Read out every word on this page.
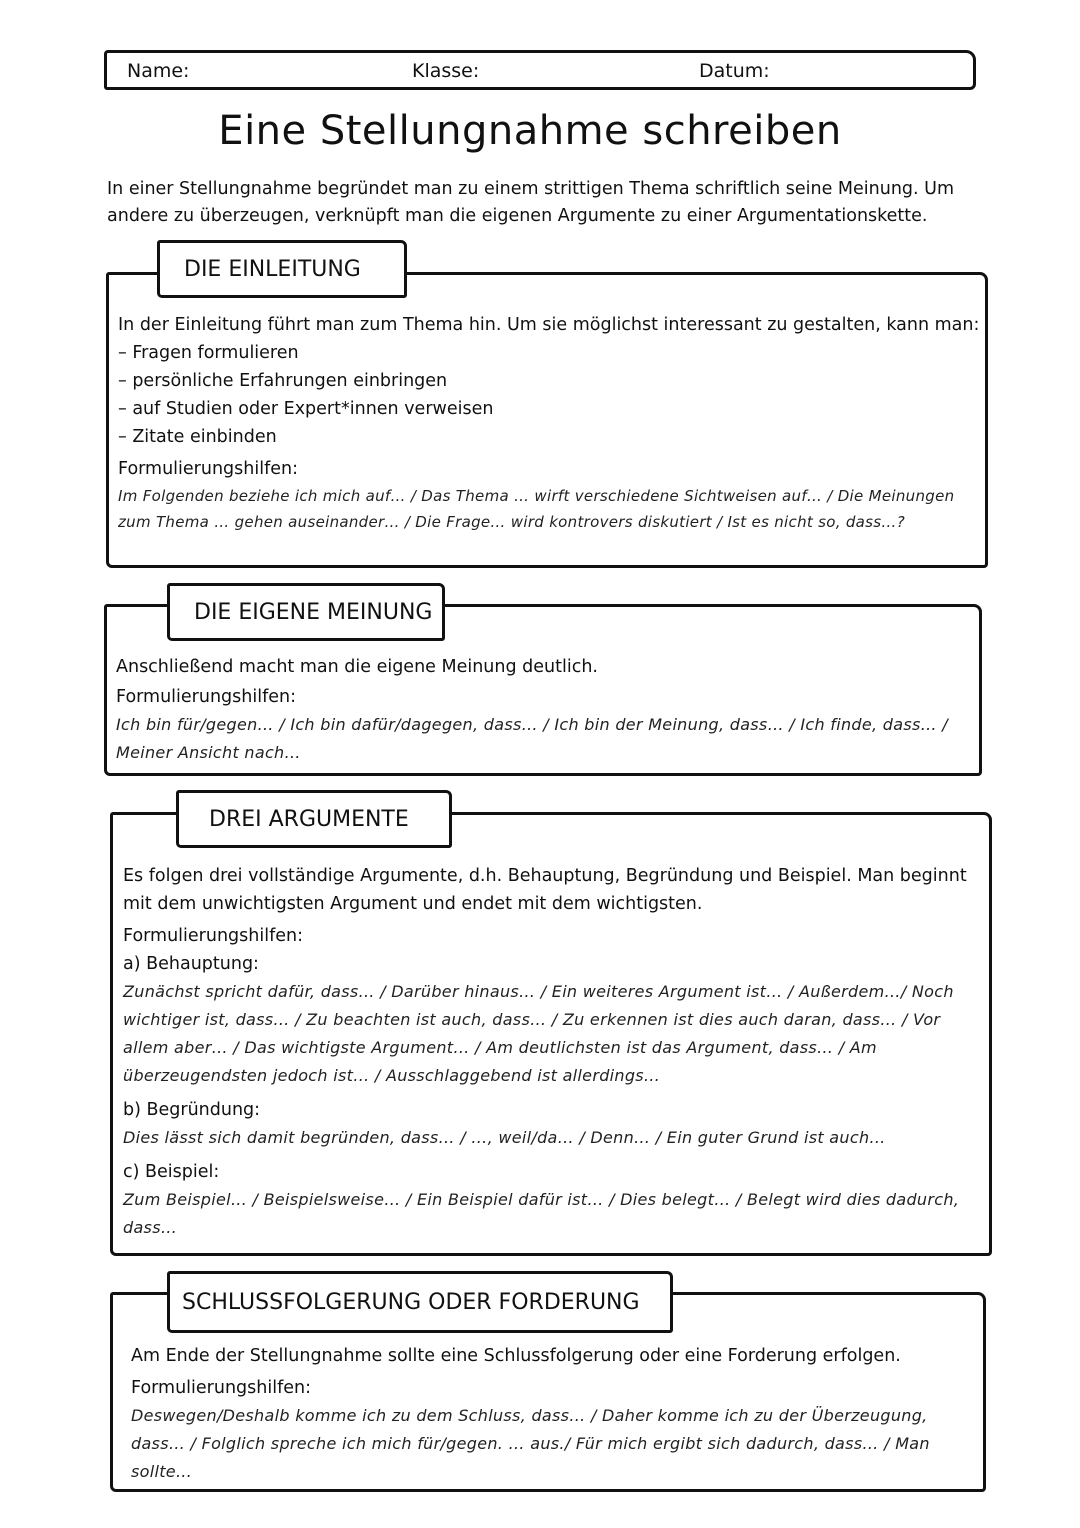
Name:	Klasse:	Datum:
Eine Stellungnahme schreiben
In einer Stellungnahme begründet man zu einem strittigen Thema schriftlich seine Meinung. Um andere zu überzeugen, verknüpft man die eigenen Argumente zu einer Argumentationskette.
DIE EINLEITUNG
In der Einleitung führt man zum Thema hin. Um sie möglichst interessant zu gestalten, kann man:
– Fragen formulieren
– persönliche Erfahrungen einbringen
– auf Studien oder Expert*innen verweisen
– Zitate einbinden
Formulierungshilfen:
Im Folgenden beziehe ich mich auf… / Das Thema … wirft verschiedene Sichtweisen auf… / Die Meinungen zum Thema … gehen auseinander… / Die Frage… wird kontrovers diskutiert / Ist es nicht so, dass…?
DIE EIGENE MEINUNG
Anschließend macht man die eigene Meinung deutlich.
Formulierungshilfen:
Ich bin für/gegen… / Ich bin dafür/dagegen, dass… / Ich bin der Meinung, dass… / Ich finde, dass… / Meiner Ansicht nach…
DREI ARGUMENTE
Es folgen drei vollständige Argumente, d.h. Behauptung, Begründung und Beispiel. Man beginnt mit dem unwichtigsten Argument und endet mit dem wichtigsten.
Formulierungshilfen:
a) Behauptung:
Zunächst spricht dafür, dass… / Darüber hinaus… / Ein weiteres Argument ist… / Außerdem…/ Noch wichtiger ist, dass… / Zu beachten ist auch, dass… / Zu erkennen ist dies auch daran, dass… / Vor allem aber… / Das wichtigste Argument… / Am deutlichsten ist das Argument, dass… / Am überzeugendsten jedoch ist… / Ausschlaggebend ist allerdings…
b) Begründung:
Dies lässt sich damit begründen, dass… / …, weil/da… / Denn… / Ein guter Grund ist auch…
c) Beispiel:
Zum Beispiel… / Beispielsweise… / Ein Beispiel dafür ist… / Dies belegt… / Belegt wird dies dadurch, dass…
SCHLUSSFOLGERUNG ODER FORDERUNG
Am Ende der Stellungnahme sollte eine Schlussfolgerung oder eine Forderung erfolgen.
Formulierungshilfen:
Deswegen/Deshalb komme ich zu dem Schluss, dass… / Daher komme ich zu der Überzeugung, dass… / Folglich spreche ich mich für/gegen. … aus./ Für mich ergibt sich dadurch, dass… / Man sollte…
